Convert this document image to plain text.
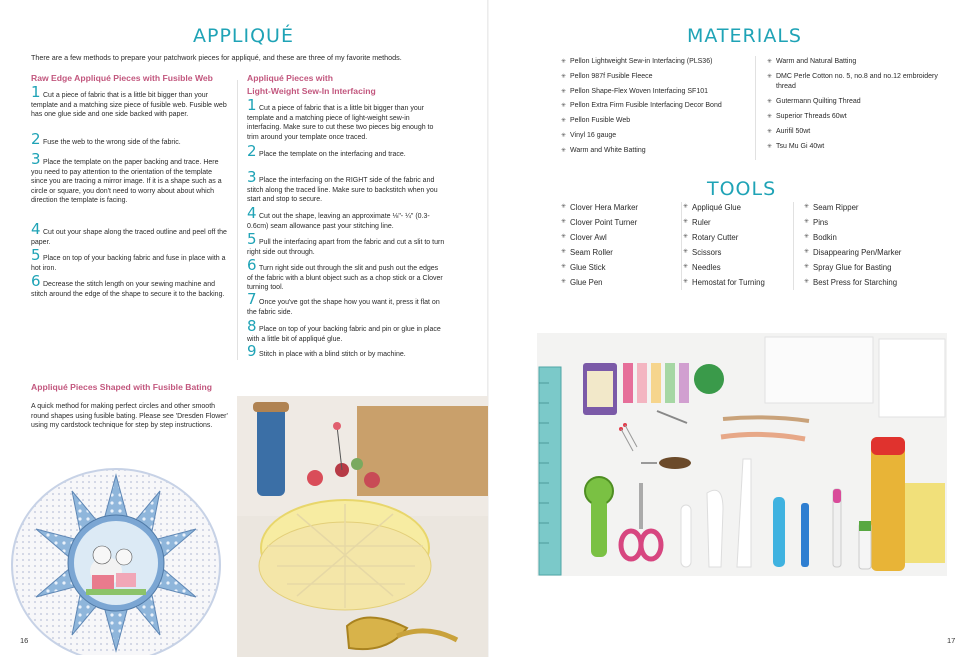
APPLIQUÉ
There are a few methods to prepare your patchwork pieces for appliqué, and these are three of my favorite methods.
Raw Edge Appliqué Pieces with Fusible Web	Appliqué Pieces with
Light-Weight Sew-In Interfacing
1 Cut a piece of fabric that is a little bit bigger than your template and a matching size piece of fusible web. Fusible web has one glue side and one side backed with paper.
2 Fuse the web to the wrong side of the fabric.
3 Place the template on the paper backing and trace. Here you need to pay attention to the orientation of the template since you are tracing a mirror image. If it is a shape such as a circle or square, you don't need to worry about about which direction the template is facing.
4 Cut out your shape along the traced outline and peel off the paper.
5 Place on top of your backing fabric and fuse in place with a hot iron.
6 Decrease the stitch length on your sewing machine and stitch around the edge of the shape to secure it to the backing.
1 Cut a piece of fabric that is a little bit bigger than your template and a matching piece of light-weight sew-in interfacing. Make sure to cut these two pieces big enough to trim around your template once traced.
2 Place the template on the interfacing and trace.
3 Place the interfacing on the RIGHT side of the fabric and stitch along the traced line. Make sure to backstitch when you start and stop to secure.
4 Cut out the shape, leaving an approximate ⅛"- ¼" (0.3-0.6cm) seam allowance past your stitching line.
5 Pull the interfacing apart from the fabric and cut a slit to turn right side out through.
6 Turn right side out through the slit and push out the edges of the fabric with a blunt object such as a chop stick or a Clover turning tool.
7 Once you've got the shape how you want it, press it flat on the fabric side.
8 Place on top of your backing fabric and pin or glue in place with a little bit of appliqué glue.
9 Stitch in place with a blind stitch or by machine.
Appliqué Pieces Shaped with Fusible Bating
A quick method for making perfect circles and other smooth round shapes using fusible bating. Please see 'Dresden Flower' using my cardstock technique for step by step instructions.
16
MATERIALS
✳ Pellon Lightweight Sew-in Interfacing (PLS36)
✳ Pellon 987f Fusible Fleece
✳ Pellon Shape-Flex Woven Interfacing SF101
✳ Pellon Extra Firm Fusible Interfacing Decor Bond
✳ Pellon Fusible Web
✳ Vinyl 16 gauge
✳ Warm and White Batting
✳ Warm and Natural Batting
✳ DMC Perle Cotton no. 5, no.8 and no.12 embroidery thread
✳ Gutermann Quilting Thread
✳ Superior Threads 60wt
✳ Aurifil 50wt
✳ Tsu Mu Gi 40wt
TOOLS
✳ Clover Hera Marker
✳ Clover Point Turner
✳ Clover Awl
✳ Seam Roller
✳ Glue Stick
✳ Glue Pen
✳ Appliqué Glue
✳ Ruler
✳ Rotary Cutter
✳ Scissors
✳ Needles
✳ Hemostat for Turning
✳ Seam Ripper
✳ Pins
✳ Bodkin
✳ Disappearing Pen/Marker
✳ Spray Glue for Basting
✳ Best Press for Starching
17
